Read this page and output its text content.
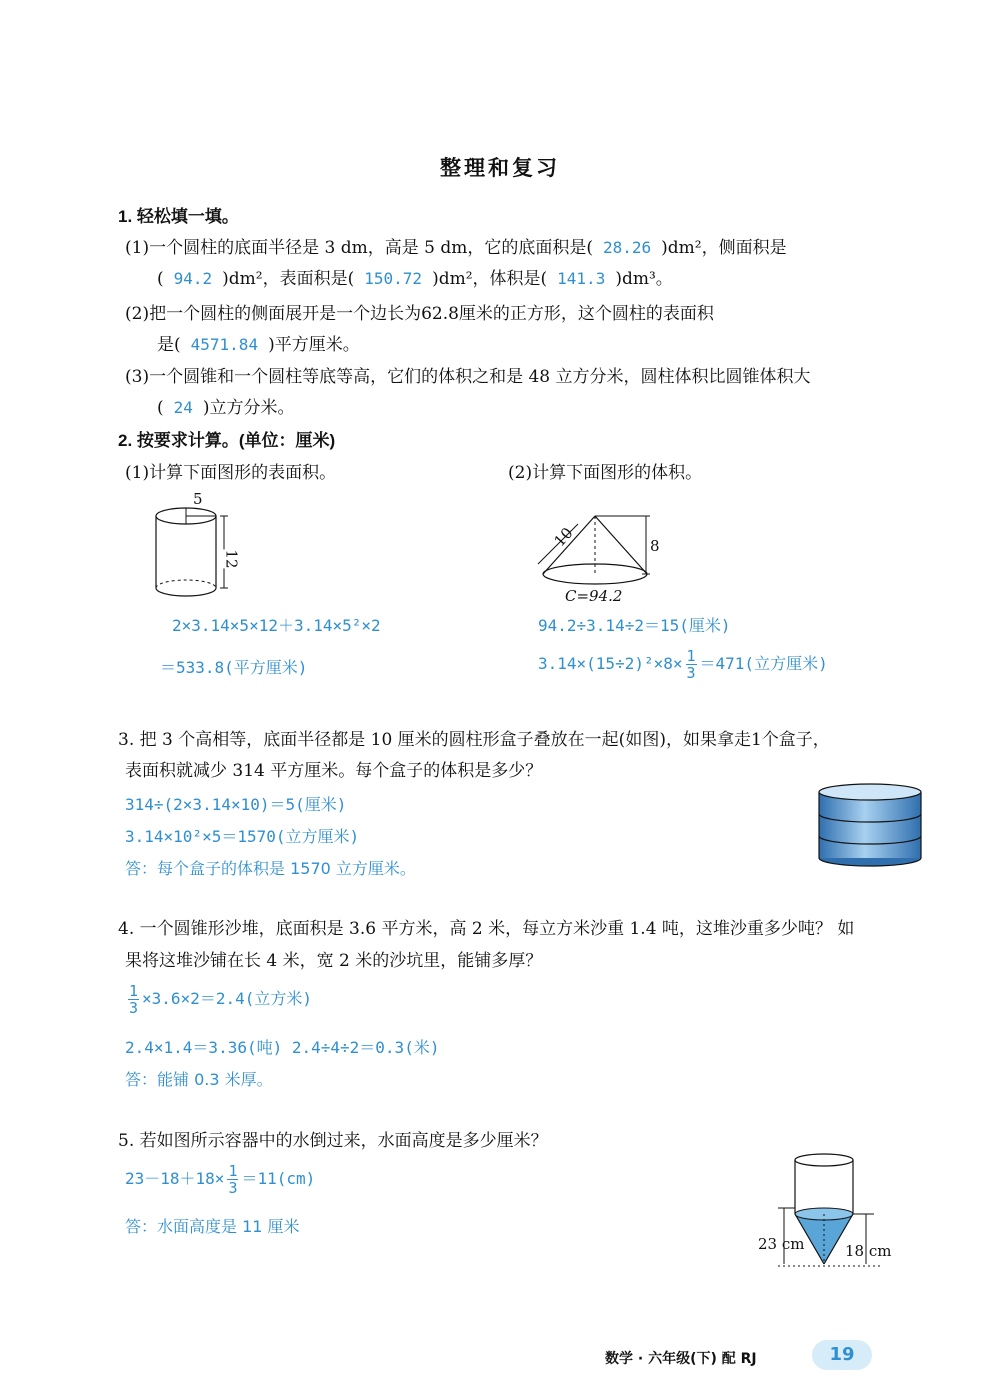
整理和复习
1. 轻松填一填。
(1)一个圆柱的底面半径是 3 dm，高是 5 dm，它的底面积是( 28.26 )dm²，侧面积是
( 94.2 )dm²，表面积是( 150.72 )dm²，体积是( 141.3 )dm³。
(2)把一个圆柱的侧面展开是一个边长为62.8厘米的正方形，这个圆柱的表面积
是( 4571.84 )平方厘米。
(3)一个圆锥和一个圆柱等底等高，它们的体积之和是 48 立方分米，圆柱体积比圆锥体积大
( 24 )立方分米。
2. 按要求计算。(单位：厘米)
(1)计算下面图形的表面积。	(2)计算下面图形的体积。
5
12
10	8
C=94.2
2×3.14×5×12＋3.14×5²×2
＝533.8(平方厘米)
94.2÷3.14÷2＝15(厘米)
$3.14\times(15\div 2)^2\times 8\times \frac{1}{3} =471$(立方厘米)
3. 把 3 个高相等，底面半径都是 10 厘米的圆柱形盒子叠放在一起(如图)，如果拿走1个盒子，
表面积就减少 314 平方厘米。每个盒子的体积是多少？
314÷(2×3.14×10)＝5(厘米)
3.14×10²×5＝1570(立方厘米)
答：每个盒子的体积是 1570 立方厘米。
4. 一个圆锥形沙堆，底面积是 3.6 平方米，高 2 米，每立方米沙重 1.4 吨，这堆沙重多少吨？ 如
果将这堆沙铺在长 4 米，宽 2 米的沙坑里，能铺多厚？
$\frac{1}{3} \times 3.6\times 2=2.4$(立方米)
2.4×1.4＝3.36(吨) 2.4÷4÷2＝0.3(米)
答：能铺 0.3 米厚。
5. 若如图所示容器中的水倒过来，水面高度是多少厘米？
$23-18+18\times \frac{1}{3} =11(cm)$
答：水面高度是 11 厘米
23 cm	18 cm
数学 · 六年级(下) 配 RJ	19
